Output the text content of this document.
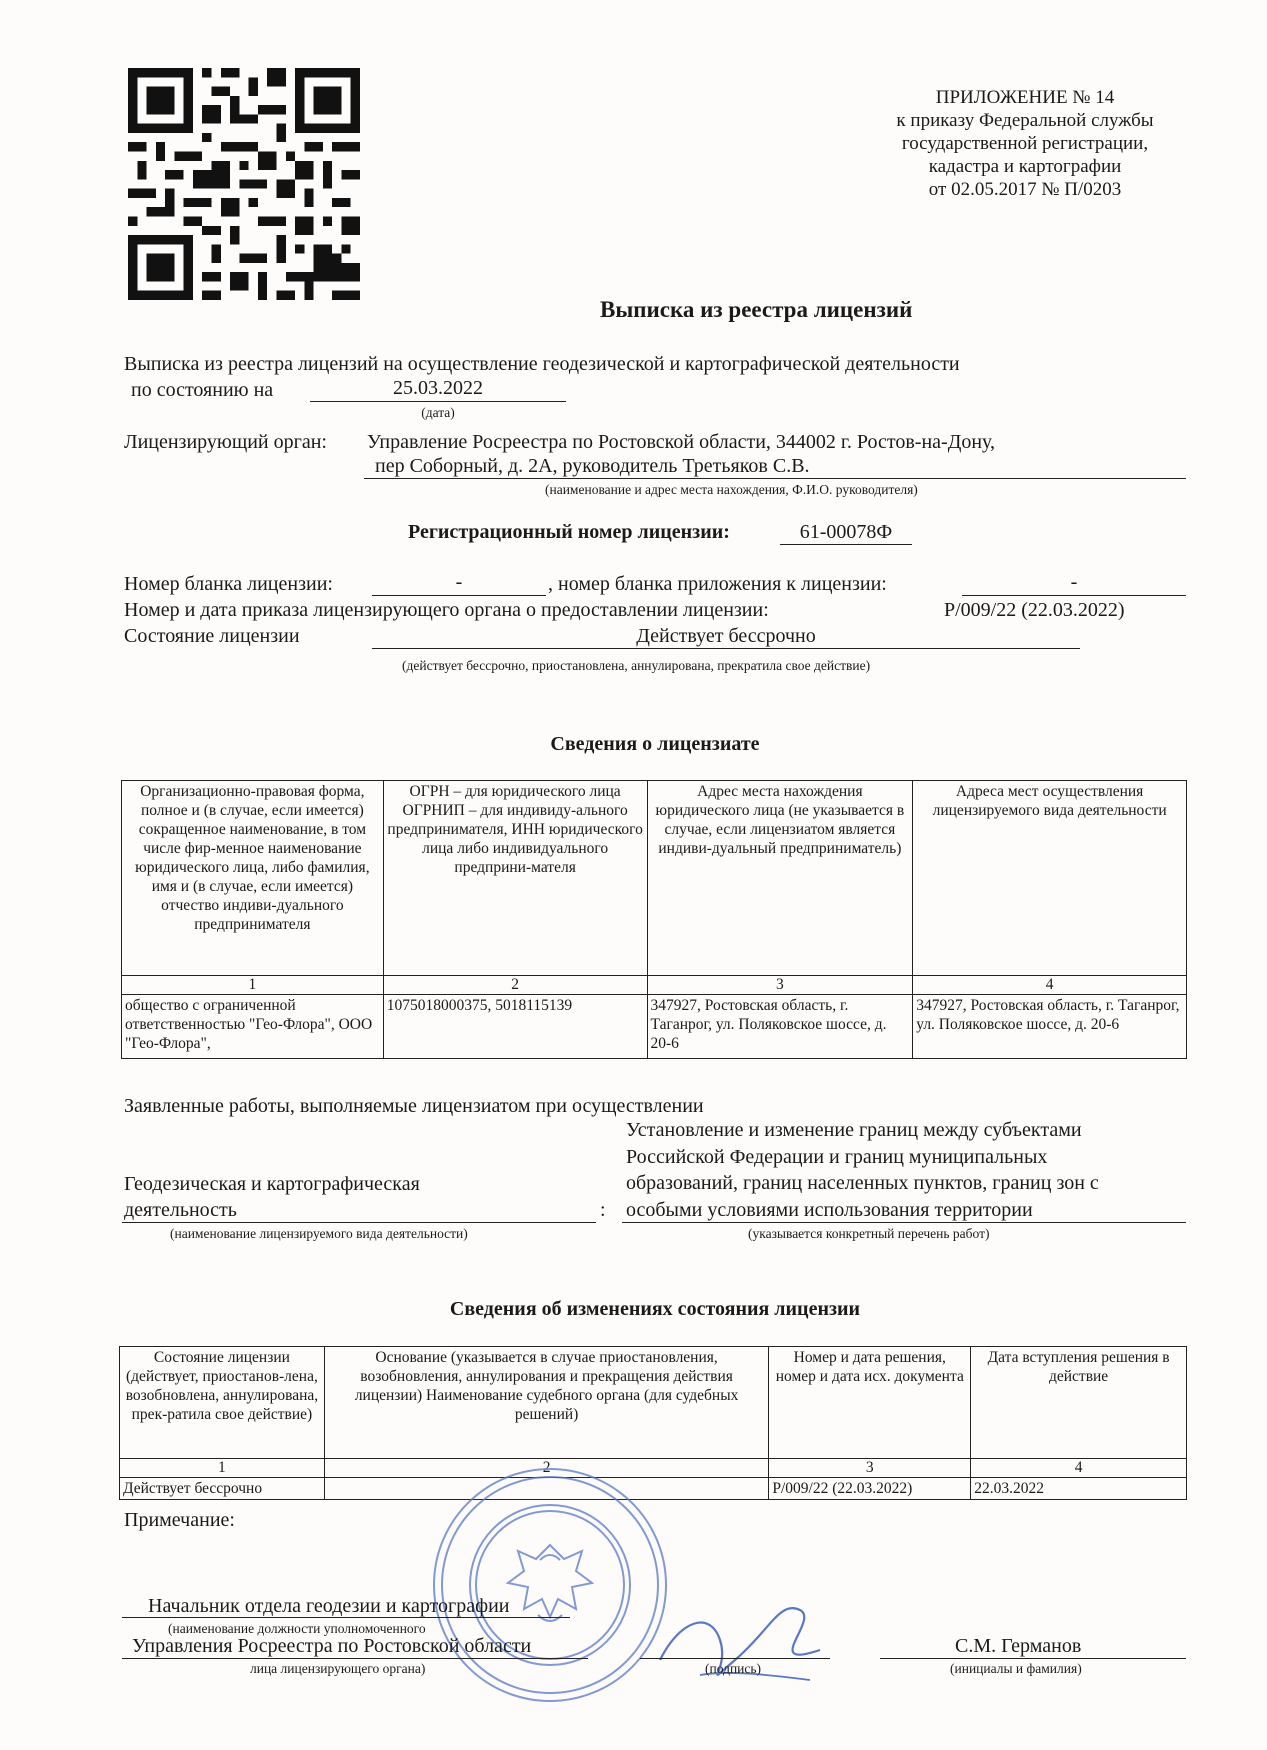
ПРИЛОЖЕНИЕ № 14
к приказу Федеральной службы
государственной регистрации,
кадастра и картографии
от 02.05.2017 № П/0203
Выписка из реестра лицензий
Выписка из реестра лицензий на осуществление геодезической и картографической деятельности
по состоянию на	25.03.2022
(дата)
Лицензирующий орган: Управление Росреестра по Ростовской области, 344002 г. Ростов-на-Дону,
пер Соборный, д. 2А, руководитель Третьяков С.В.
(наименование и адрес места нахождения, Ф.И.О. руководителя)
Регистрационный номер лицензии:	61-00078Ф
Номер бланка лицензии:	-	, номер бланка приложения к лицензии:	-
Номер и дата приказа лицензирующего органа о предоставлении лицензии:	Р/009/22 (22.03.2022)
Состояние лицензии	Действует бессрочно
(действует бессрочно, приостановлена, аннулирована, прекратила свое действие)
Сведения о лицензиате
Организационно-правовая форма, полное и (в случае, если имеется) сокращенное наименование, в том числе фир-менное наименование юридического лица, либо фамилия, имя и (в случае, если имеется) отчество индиви-дуального предпринимателя	ОГРН – для юридического лица ОГРНИП – для индивиду-ального предпринимателя, ИНН юридического лица либо индивидуального предприни-мателя	Адрес места нахождения юридического лица (не указывается в случае, если лицензиатом является индиви-дуальный предприниматель)	Адреса мест осуществления лицензируемого вида деятельности
1	2	3	4
общество с ограниченной ответственностью "Гео-Флора", ООО "Гео-Флора",	1075018000375, 5018115139	347927, Ростовская область, г. Таганрог, ул. Поляковское шоссе, д. 20-6	347927, Ростовская область, г. Таганрог, ул. Поляковское шоссе, д. 20-6
Заявленные работы, выполняемые лицензиатом при осуществлении
Геодезическая и картографическая
деятельность	:
Установление и изменение границ между субъектами
Российской Федерации и границ муниципальных
образований, границ населенных пунктов, границ зон с
особыми условиями использования территории
(наименование лицензируемого вида деятельности)	(указывается конкретный перечень работ)
Сведения об изменениях состояния лицензии
Состояние лицензии (действует, приостанов-лена, возобновлена, аннулирована, прек-ратила свое действие)	Основание (указывается в случае приостановления, возобновления, аннулирования и прекращения действия лицензии) Наименование судебного органа (для судебных решений)	Номер и дата решения, номер и дата исх. документа	Дата вступления решения в действие
1	2	3	4
Действует бессрочно		Р/009/22 (22.03.2022)	22.03.2022
Примечание:
Начальник отдела геодезии и картографии
(наименование должности уполномоченного
Управления Росреестра по Ростовской области	С.М. Германов
лица лицензирующего органа)	(подпись)	(инициалы и фамилия)
